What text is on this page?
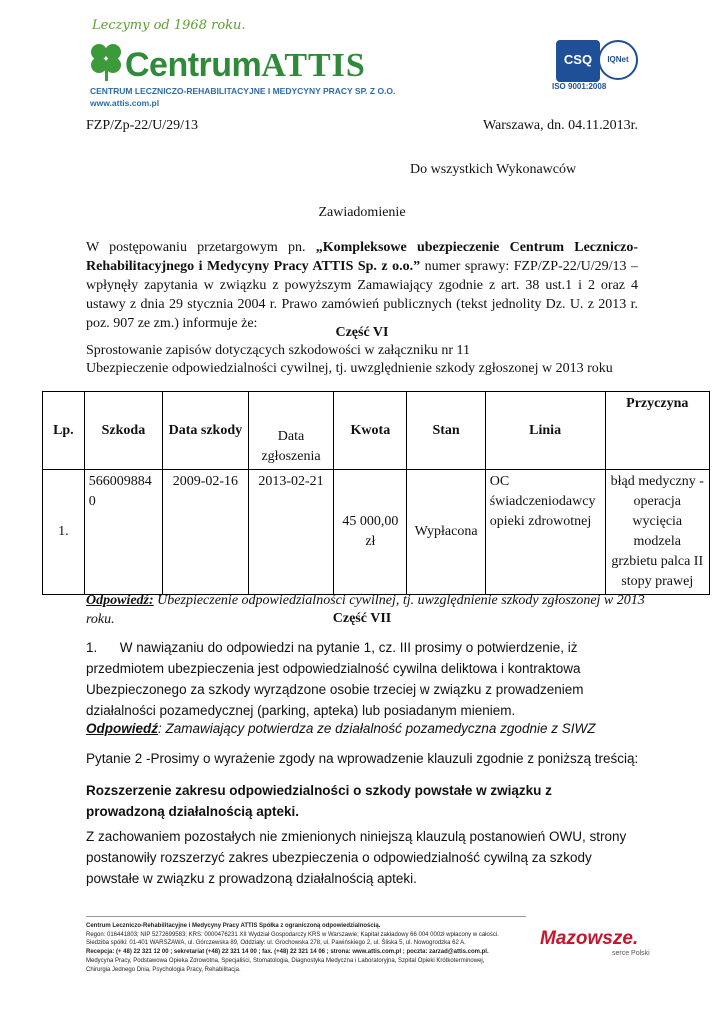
Leczymy od 1968 roku.
CentrumATTIS
CENTRUM LECZNICZO-REHABILITACYJNE I MEDYCYNY PRACY SP. Z O.O.
www.attis.com.pl
CSQ	IQNet
ISO 9001:2008
FZP/Zp-22/U/29/13	Warszawa, dn. 04.11.2013r.
Do wszystkich Wykonawców
Zawiadomienie
W postępowaniu przetargowym pn. „Kompleksowe ubezpieczenie Centrum Leczniczo-Rehabilitacyjnego i Medycyny Pracy ATTIS Sp. z o.o.” numer sprawy: FZP/ZP-22/U/29/13 – wpłynęły zapytania w związku z powyższym Zamawiający zgodnie z art. 38 ust.1 i 2 oraz 4 ustawy z dnia 29 stycznia 2004 r. Prawo zamówień publicznych (tekst jednolity Dz. U. z 2013 r. poz. 907 ze zm.) informuje że:
Część VI
Sprostowanie zapisów dotyczących szkodowości w załączniku nr 11
Ubezpieczenie odpowiedzialności cywilnej, tj. uwzględnienie szkody zgłoszonej w 2013 roku
Lp.	Szkoda	Data szkody	Data zgłoszenia	Kwota	Stan	Linia	Przyczyna
1.	5660098840	2009-02-16	2013-02-21	45 000,00 zł	Wypłacona	OC świadczeniodawcy opieki zdrowotnej	błąd medyczny - operacja wycięcia modzela grzbietu palca II stopy prawej
Odpowiedź: Ubezpieczenie odpowiedzialności cywilnej, tj. uwzględnienie szkody zgłoszonej w 2013 roku.	Część VII
1. W nawiązaniu do odpowiedzi na pytanie 1, cz. III prosimy o potwierdzenie, iż przedmiotem ubezpieczenia jest odpowiedzialność cywilna deliktowa i kontraktowa Ubezpieczonego za szkody wyrządzone osobie trzeciej w związku z prowadzeniem działalności pozamedycznej (parking, apteka) lub posiadanym mieniem.
Odpowiedź: Zamawiający potwierdza ze działalność pozamedyczna zgodnie z SIWZ
Pytanie 2 -Prosimy o wyrażenie zgody na wprowadzenie klauzuli zgodnie z poniższą treścią:
Rozszerzenie zakresu odpowiedzialności o szkody powstałe w związku z prowadzoną działalnością apteki.
Z zachowaniem pozostałych nie zmienionych niniejszą klauzulą postanowień OWU, strony postanowiły rozszerzyć zakres ubezpieczenia o odpowiedzialność cywilną za szkody powstałe w związku z prowadzoną działalnością apteki.
Centrum Leczniczo-Rehabilitacyjne i Medycyny Pracy ATTIS Spółka z ograniczoną odpowiedzialnością.
Regon: 016441803; NIP 5272699583; KRS: 0000476231 XII Wydział Gospodarczy KRS w Warszawie; Kapitał zakładowy 66 004 000zł wpłacony w całości.
Siedziba spółki: 01-401 WARSZAWA, ul. Górczewska 89, Oddziały: ul. Grochowska 278, ul. Pawińskiego 2, ul. Śliska 5, ul. Nowogrodzka 62 A.
Recepcja: (+ 48) 22 321 12 00 ; sekretariat (+48) 22 321 14 00 ; fax. (+48) 22 321 14 06 ; strona: www.attis.com.pl ; poczta: zarzad@attis.com.pl.
Medycyna Pracy, Podstawowa Opieka Zdrowotna, Specjaliści, Stomatologia, Diagnostyka Medyczna i Laboratoryjna, Szpital Opieki Krótkoterminowej,
Chirurgia Jednego Dnia, Psychologia Pracy, Rehabilitacja.
Mazowsze.
serce Polski
